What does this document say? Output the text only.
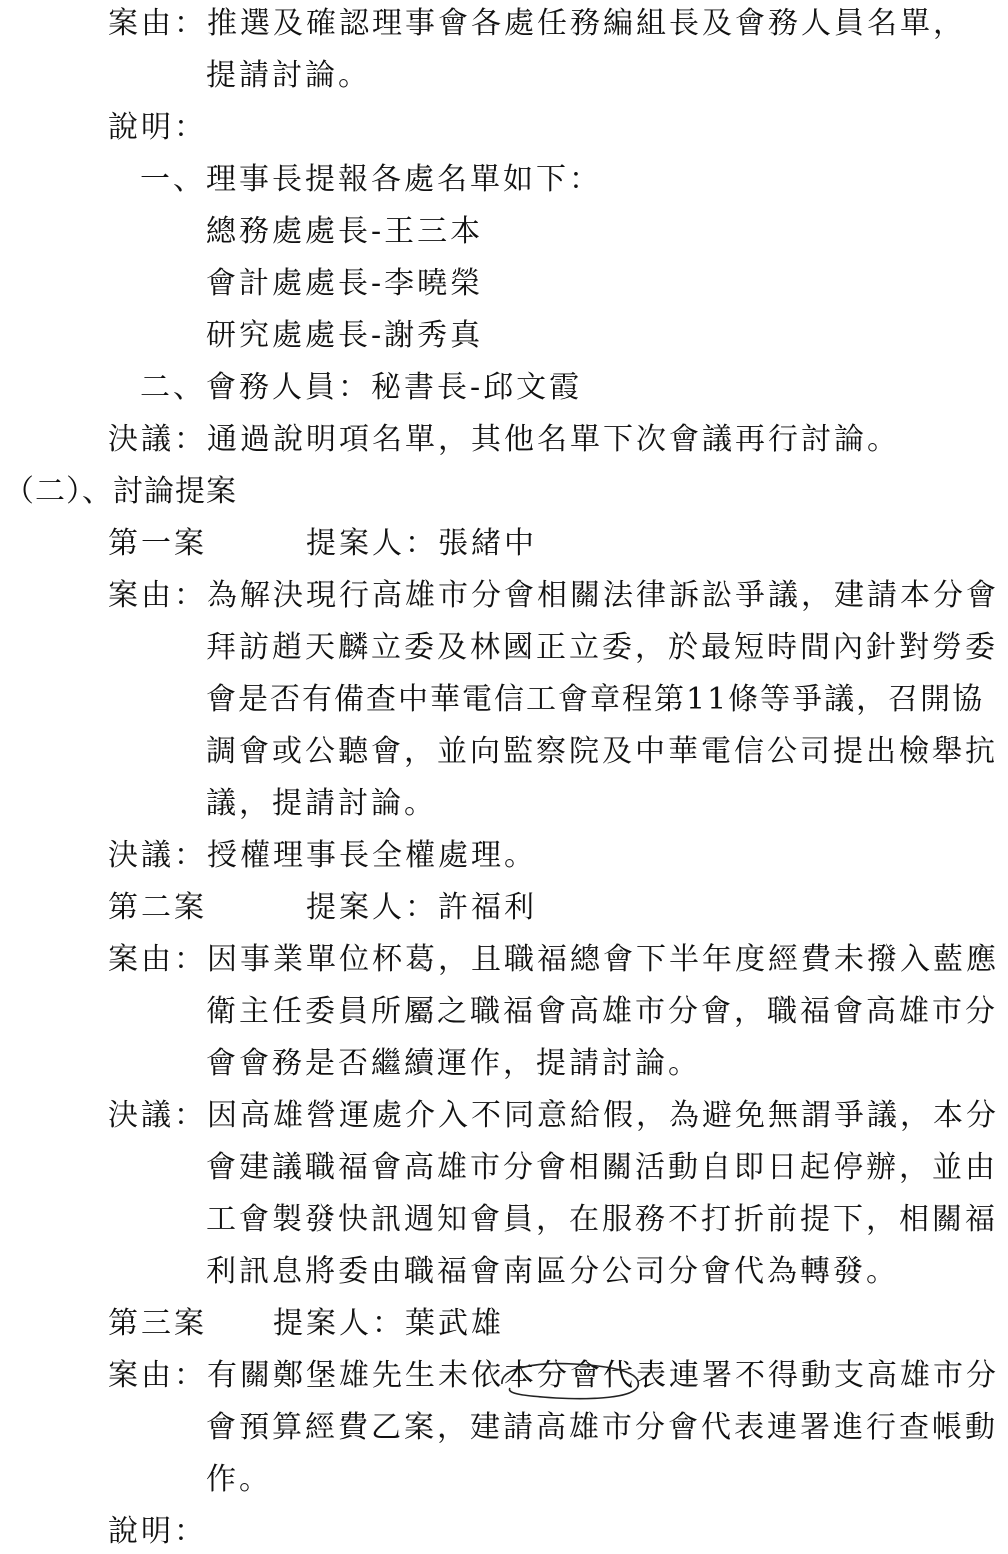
案由：推選及確認理事會各處任務編組長及會務人員名單，
提請討論。
說明：
一、理事長提報各處名單如下：
總務處處長-王三本
會計處處長-李曉榮
研究處處長-謝秀真
二、會務人員：秘書長-邱文霞
決議：通過說明項名單，其他名單下次會議再行討論。
（二）、討論提案
第一案　　　提案人：張緒中
案由：為解決現行高雄市分會相關法律訴訟爭議，建請本分會
拜訪趙天麟立委及林國正立委，於最短時間內針對勞委
會是否有備查中華電信工會章程第11條等爭議，召開協
調會或公聽會，並向監察院及中華電信公司提出檢舉抗
議，提請討論。
決議：授權理事長全權處理。
第二案　　　提案人：許福利
案由：因事業單位杯葛，且職福總會下半年度經費未撥入藍應
衛主任委員所屬之職福會高雄市分會，職福會高雄市分
會會務是否繼續運作，提請討論。
決議：因高雄營運處介入不同意給假，為避免無謂爭議，本分
會建議職福會高雄市分會相關活動自即日起停辦，並由
工會製發快訊週知會員，在服務不打折前提下，相關福
利訊息將委由職福會南區分公司分會代為轉發。
第三案　　提案人：葉武雄
案由：有關鄭堡雄先生未依本分會代表連署不得動支高雄市分
會預算經費乙案，建請高雄市分會代表連署進行查帳動
作。
說明：
